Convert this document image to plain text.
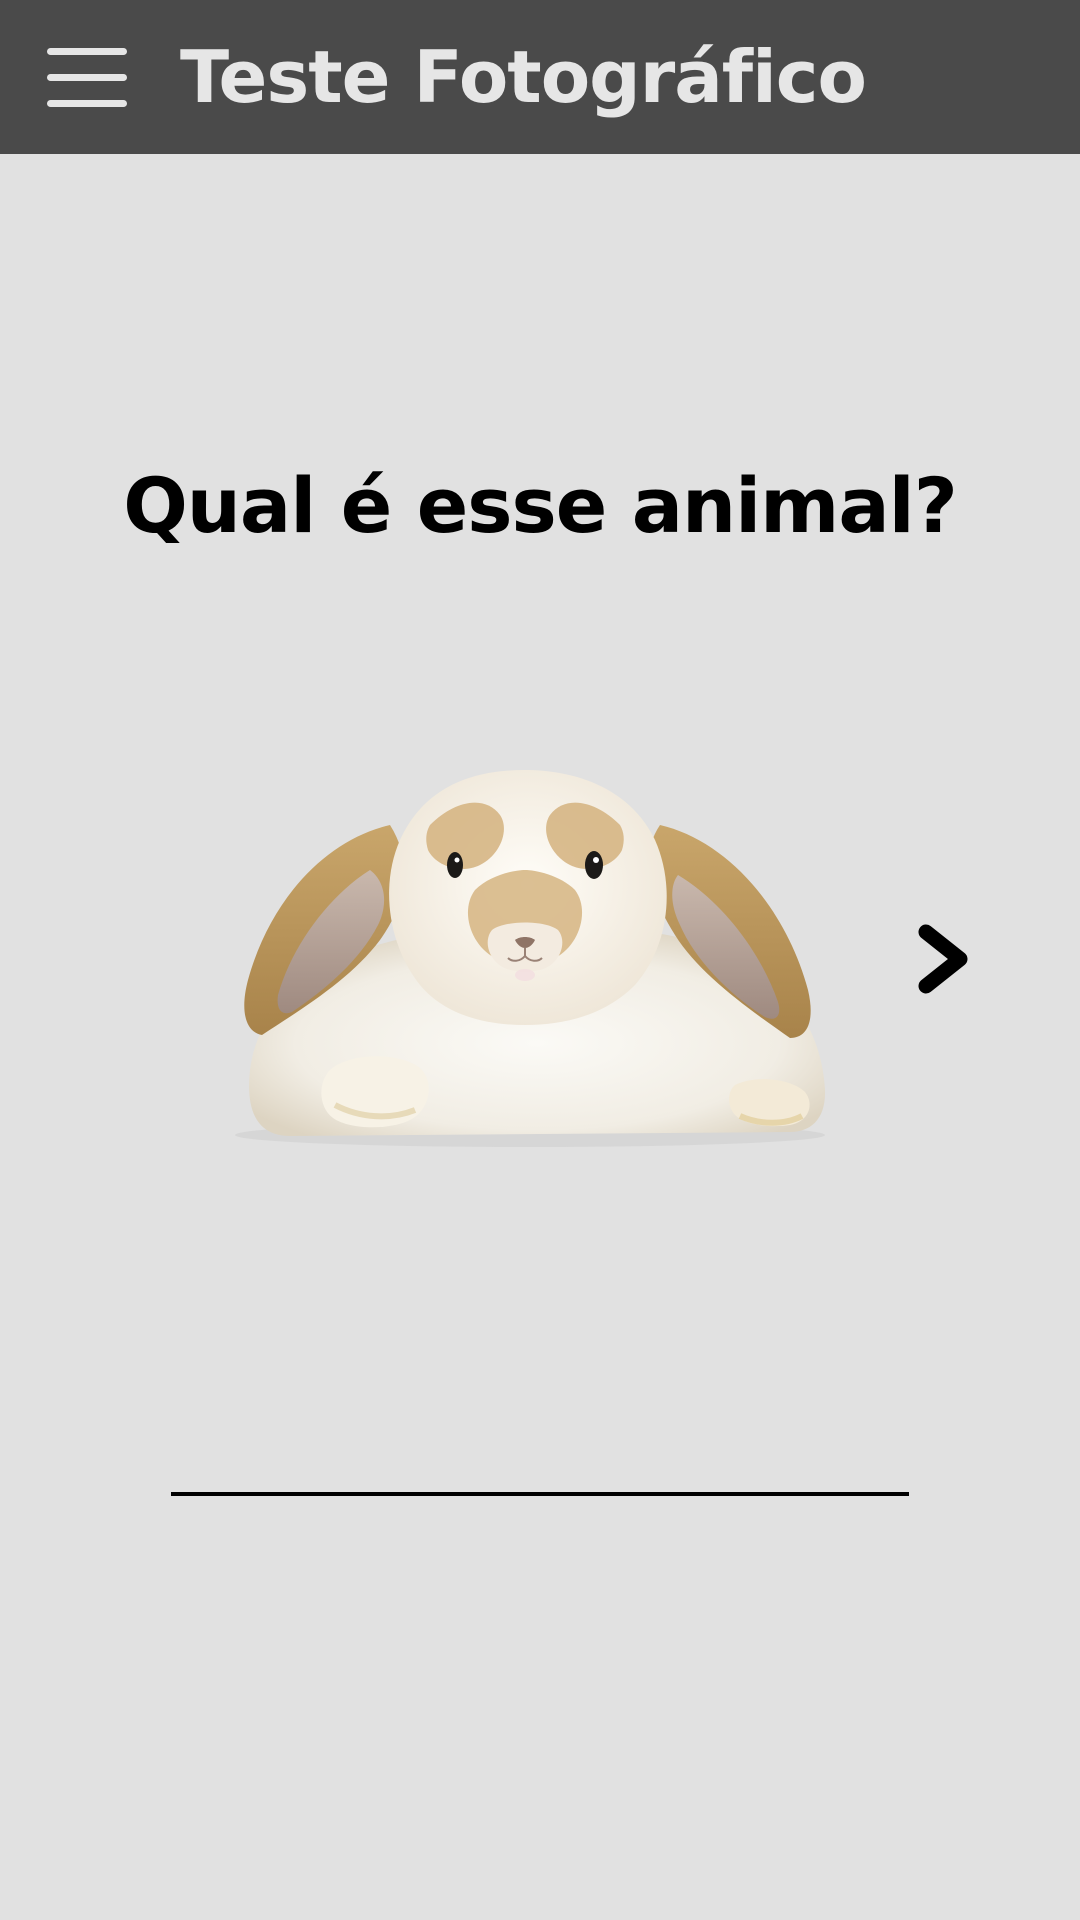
Teste Fotográfico
Qual é esse animal?
